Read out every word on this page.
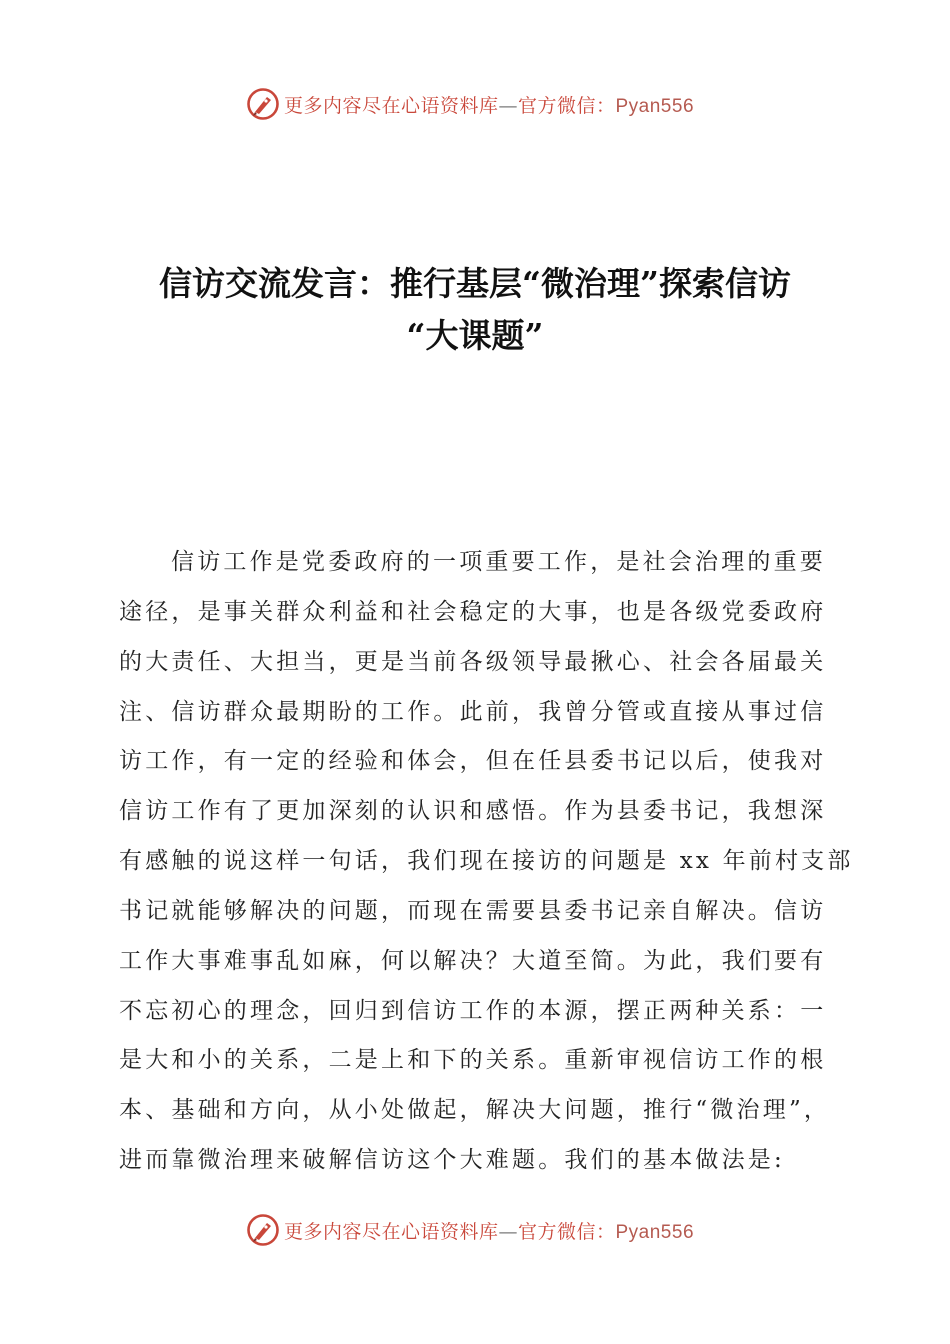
更多内容尽在心语资料库—官方微信：Pyan556
信访交流发言：推行基层“微治理”探索信访
“大课题”

信访工作是党委政府的一项重要工作，是社会治理的重要
途径，是事关群众利益和社会稳定的大事，也是各级党委政府
的大责任、大担当，更是当前各级领导最揪心、社会各届最关
注、信访群众最期盼的工作。此前，我曾分管或直接从事过信
访工作，有一定的经验和体会，但在任县委书记以后，使我对
信访工作有了更加深刻的认识和感悟。作为县委书记，我想深
有感触的说这样一句话，我们现在接访的问题是 xx 年前村支部
书记就能够解决的问题，而现在需要县委书记亲自解决。信访
工作大事难事乱如麻，何以解决？大道至简。为此，我们要有
不忘初心的理念，回归到信访工作的本源，摆正两种关系：一
是大和小的关系，二是上和下的关系。重新审视信访工作的根
本、基础和方向，从小处做起，解决大问题，推行“微治理”，
进而靠微治理来破解信访这个大难题。我们的基本做法是:

更多内容尽在心语资料库—官方微信：Pyan556
